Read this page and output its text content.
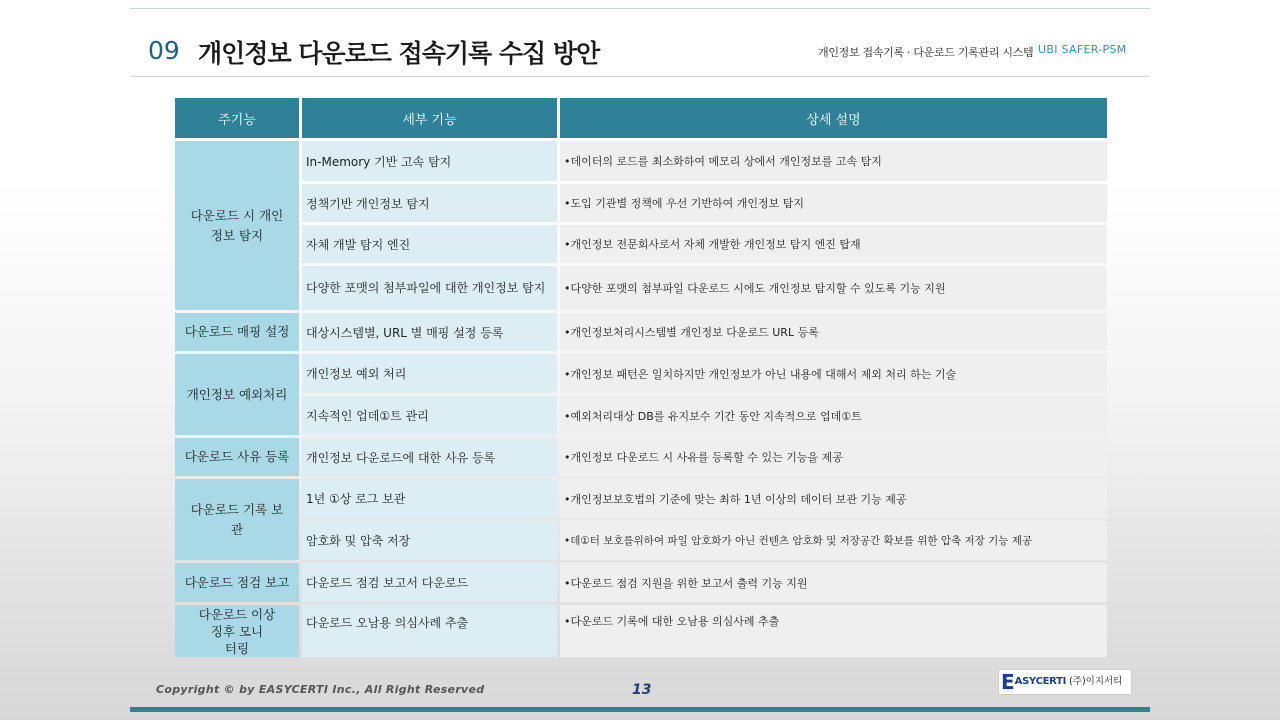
09 개인정보 다운로드 접속기록 수집 방안	개인정보 접속기록 · 다운로드 기록관리 시스템 UBI SAFER-PSM
주기능	세부 기능	상세 설명
다운로드 시 개인
정보 탐지	In-Memory 기반 고속 탐지	•데이터의 로드를 최소화하여 메모리 상에서 개인정보를 고속 탐지
	정책기반 개인정보 탐지	•도입 기관별 정책에 우선 기반하여 개인정보 탐지
	자체 개발 탐지 엔진	•개인정보 전문회사로서 자체 개발한 개인정보 탐지 엔진 탑재
	다양한 포맷의 첨부파일에 대한 개인정보 탐지	•다양한 포맷의 첨부파일 다운로드 시에도 개인정보 탐지할 수 있도록 기능 지원
다운로드 매핑 설정	대상시스템별, URL 별 매핑 설정 등록	•개인정보처리시스템별 개인정보 다운로드 URL 등록
개인정보 예외처리	개인정보 예외 처리	•개인정보 패턴은 일치하지만 개인정보가 아닌 내용에 대해서 제외 처리 하는 기술
	지속적인 업데①트 관리	•예외처리대상 DB를 유지보수 기간 동안 지속적으로 업데①트
다운로드 사유 등록	개인정보 다운로드에 대한 사유 등록	•개인정보 다운로드 시 사유를 등록할 수 있는 기능을 제공
다운로드 기록 보
관	1년 ①상 로그 보관	•개인정보보호법의 기준에 맞는 최하 1년 이상의 데이터 보관 기능 제공
	암호화 및 압축 저장	•데①터 보호를위하여 파일 암호화가 아닌 컨텐츠 암호화 및 저장공간 확보를 위한 압축 저장 기능 제공
다운로드 점검 보고	다운로드 점검 보고서 다운로드	•다운로드 점검 지원을 위한 보고서 출력 기능 지원
다운로드 이상
징후 모니
터링	다운로드 오남용 의심사례 추출	•다운로드 기록에 대한 오남용 의심사례 추출
Copyright © by EASYCERTI Inc., All Right Reserved	13	E ASYCERTI (주)이지서티
